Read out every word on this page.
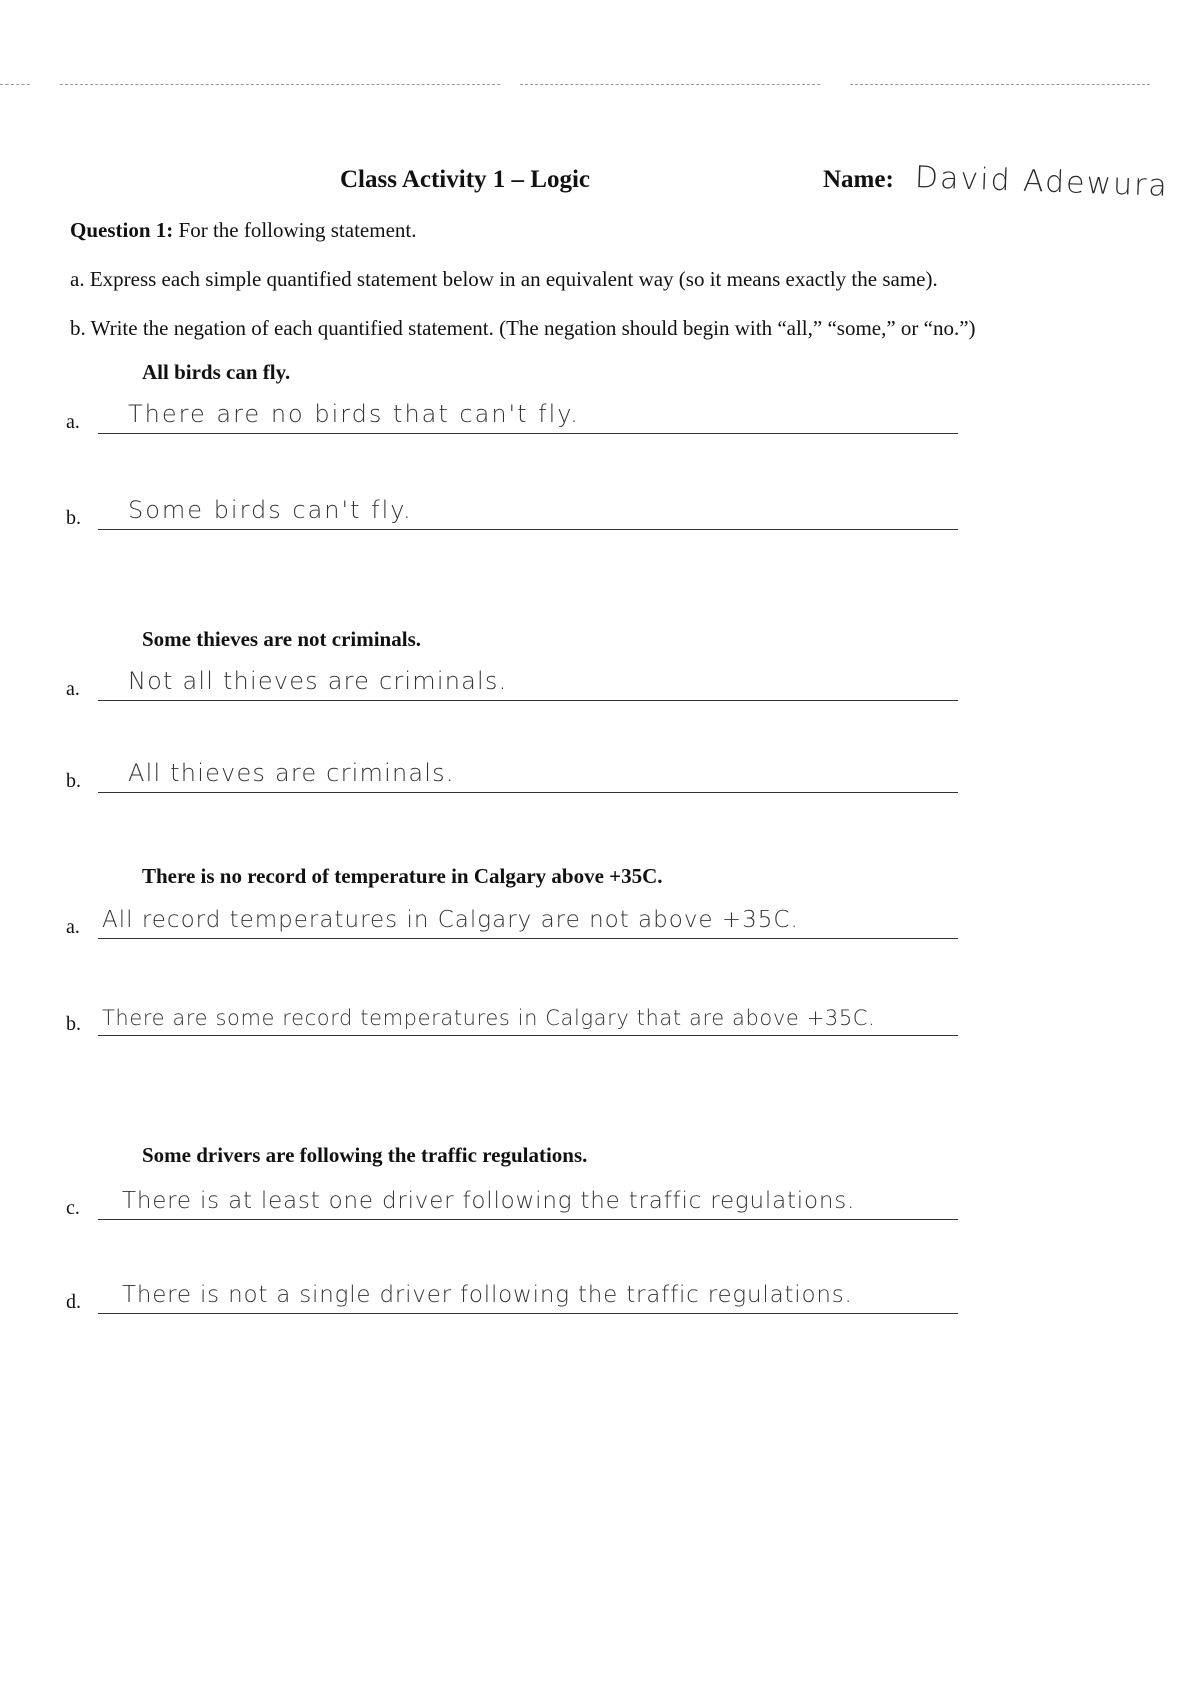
Class Activity 1 – Logic	Name: David Adewura
Question 1: For the following statement.
a. Express each simple quantified statement below in an equivalent way (so it means exactly the same).
b. Write the negation of each quantified statement. (The negation should begin with “all,” “some,” or “no.”)
All birds can fly.
a. There are no birds that can't fly.
b. Some birds can't fly.
Some thieves are not criminals.
a. Not all thieves are criminals.
b. All thieves are criminals.
There is no record of temperature in Calgary above +35C.
a. All record temperatures in Calgary are not above +35C.
b. There are some record temperatures in Calgary that are above +35C.
Some drivers are following the traffic regulations.
c. There is at least one driver following the traffic regulations.
d. There is not a single driver following the traffic regulations.
